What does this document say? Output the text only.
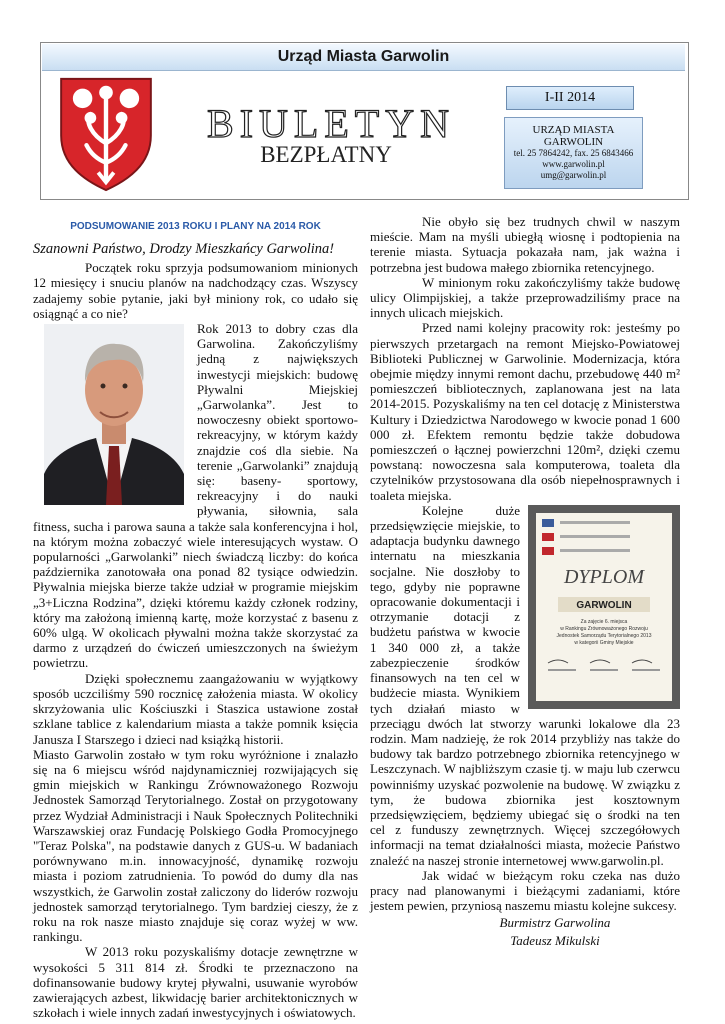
Urząd Miasta Garwolin
BIULETYN
BEZPŁATNY
I-II 2014
URZĄD MIASTA
GARWOLIN
tel. 25 7864242, fax. 25 6843466
www.garwolin.pl
umg@garwolin.pl

PODSUMOWANIE 2013 ROKU I PLANY NA 2014 ROK

Szanowni Państwo, Drodzy Mieszkańcy Garwolina!

Początek roku sprzyja podsumowaniom minionych 12 miesięcy i snuciu planów na nadchodzący czas. Wszyscy zadajemy sobie pytanie, jaki był miniony rok, co udało się osiągnąć a co nie?

Rok 2013 to dobry czas dla Garwolina. Zakończyliśmy jedną z największych inwestycji miejskich: budowę Pływalni Miejskiej „Garwolanka”. Jest to nowoczesny obiekt sportowo-rekreacyjny, w którym każdy znajdzie coś dla siebie. Na terenie „Garwolanki” znajdują się: baseny- sportowy, rekreacyjny i do nauki pływania, siłownia, sala fitness, sucha i parowa sauna a także sala konferencyjna i hol, na którym można zobaczyć wiele interesujących wystaw. O popularności „Garwolanki” niech świadczą liczby: do końca października zanotowała ona ponad 82 tysiące odwiedzin. Pływalnia miejska bierze także udział w programie miejskim „3+Liczna Rodzina”, dzięki któremu każdy członek rodziny, który ma założoną imienną kartę, może korzystać z basenu z 60% ulgą. W okolicach pływalni można także skorzystać za darmo z urządzeń do ćwiczeń umieszczonych na świeżym powietrzu.

Dzięki społecznemu zaangażowaniu w wyjątkowy sposób uczciliśmy 590 rocznicę założenia miasta. W okolicy skrzyżowania ulic Kościuszki i Staszica ustawione został szklane tablice z kalendarium miasta a także pomnik księcia Janusza I Starszego i dzieci nad książką historii.

Miasto Garwolin zostało w tym roku wyróżnione i znalazło się na 6 miejscu wśród najdynamiczniej rozwijających się gmin miejskich w Rankingu Zrównoważonego Rozwoju Jednostek Samorząd Terytorialnego. Został on przygotowany przez Wydział Administracji i Nauk Społecznych Politechniki Warszawskiej oraz Fundację Polskiego Godła Promocyjnego "Teraz Polska", na podstawie danych z GUS-u. W badaniach porównywano m.in. innowacyjność, dynamikę rozwoju miasta i poziom zatrudnienia. To powód do dumy dla nas wszystkich, że Garwolin został zaliczony do liderów rozwoju jednostek samorząd terytorialnego. Tym bardziej cieszy, że z roku na rok nasze miasto znajduje się coraz wyżej w ww. rankingu.

W 2013 roku pozyskaliśmy dotacje zewnętrzne w wysokości 5 311 814 zł. Środki te przeznaczono na dofinansowanie budowy krytej pływalni, usuwanie wyrobów zawierających azbest, likwidację barier architektonicznych w szkołach i wiele innych zadań inwestycyjnych i oświatowych.

Nie obyło się bez trudnych chwil w naszym mieście. Mam na myśli ubiegłą wiosnę i podtopienia na terenie miasta. Sytuacja pokazała nam, jak ważna i potrzebna jest budowa małego zbiornika retencyjnego.

W minionym roku zakończyliśmy także budowę ulicy Olimpijskiej, a także przeprowadziliśmy prace na innych ulicach miejskich.

Przed nami kolejny pracowity rok: jesteśmy po pierwszych przetargach na remont Miejsko-Powiatowej Biblioteki Publicznej w Garwolinie. Modernizacja, która obejmie między innymi remont dachu, przebudowę 440 m² pomieszczeń bibliotecznych, zaplanowana jest na lata 2014-2015. Pozyskaliśmy na ten cel dotację z Ministerstwa Kultury i Dziedzictwa Narodowego w kwocie ponad 1 600 000 zł. Efektem remontu będzie także dobudowa pomieszczeń o łącznej powierzchni 120m², dzięki czemu powstaną: nowoczesna sala komputerowa, toaleta dla czytelników przystosowana dla osób niepełnosprawnych i toaleta miejska.

DYPLOM
GARWOLIN
Za zajęcie 6. miejsca
w Rankingu Zrównoważonego Rozwoju
Jednostek Samorządu Terytorialnego 2013
w kategorii Gminy Miejskie

Kolejne duże przedsięwzięcie miejskie, to adaptacja budynku dawnego internatu na mieszkania socjalne. Nie doszłoby to tego, gdyby nie poprawne opracowanie dokumentacji i otrzymanie dotacji z budżetu państwa w kwocie 1 340 000 zł, a także zabezpieczenie środków finansowych na ten cel w budżecie miasta. Wynikiem tych działań miasto w przeciągu dwóch lat stworzy warunki lokalowe dla 23 rodzin. Mam nadzieję, że rok 2014 przybliży nas także do budowy tak bardzo potrzebnego zbiornika retencyjnego w Leszczynach. W najbliższym czasie tj. w maju lub czerwcu powinniśmy uzyskać pozwolenie na budowę. W związku z tym, że budowa zbiornika jest kosztownym przedsięwzięciem, będziemy ubiegać się o środki na ten cel z funduszy zewnętrznych. Więcej szczegółowych informacji na temat działalności miasta, możecie Państwo znaleźć na naszej stronie internetowej www.garwolin.pl.

Jak widać w bieżącym roku czeka nas dużo pracy nad planowanymi i bieżącymi zadaniami, które jestem pewien, przyniosą naszemu miastu kolejne sukcesy.

Burmistrz Garwolina

Tadeusz Mikulski
